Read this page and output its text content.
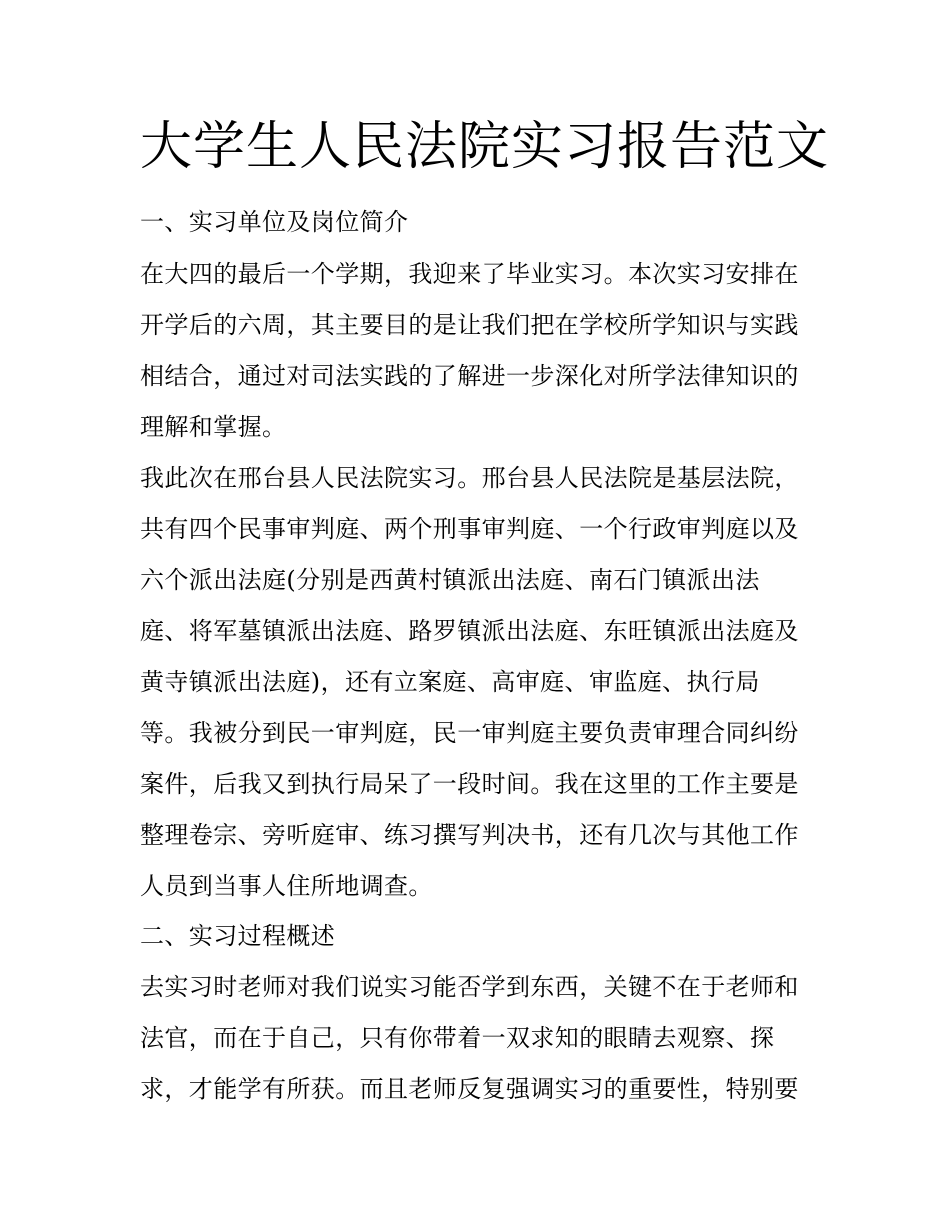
大学生人民法院实习报告范文

一、实习单位及岗位简介

在大四的最后一个学期，我迎来了毕业实习。本次实习安排在

开学后的六周，其主要目的是让我们把在学校所学知识与实践

相结合，通过对司法实践的了解进一步深化对所学法律知识的

理解和掌握。

我此次在邢台县人民法院实习。邢台县人民法院是基层法院，

共有四个民事审判庭、两个刑事审判庭、一个行政审判庭以及

六个派出法庭(分别是西黄村镇派出法庭、南石门镇派出法

庭、将军墓镇派出法庭、路罗镇派出法庭、东旺镇派出法庭及

黄寺镇派出法庭)，还有立案庭、高审庭、审监庭、执行局

等。我被分到民一审判庭，民一审判庭主要负责审理合同纠纷

案件，后我又到执行局呆了一段时间。我在这里的工作主要是

整理卷宗、旁听庭审、练习撰写判决书，还有几次与其他工作

人员到当事人住所地调查。

二、实习过程概述

去实习时老师对我们说实习能否学到东西，关键不在于老师和

法官，而在于自己，只有你带着一双求知的眼睛去观察、探

求，才能学有所获。而且老师反复强调实习的重要性，特别要
